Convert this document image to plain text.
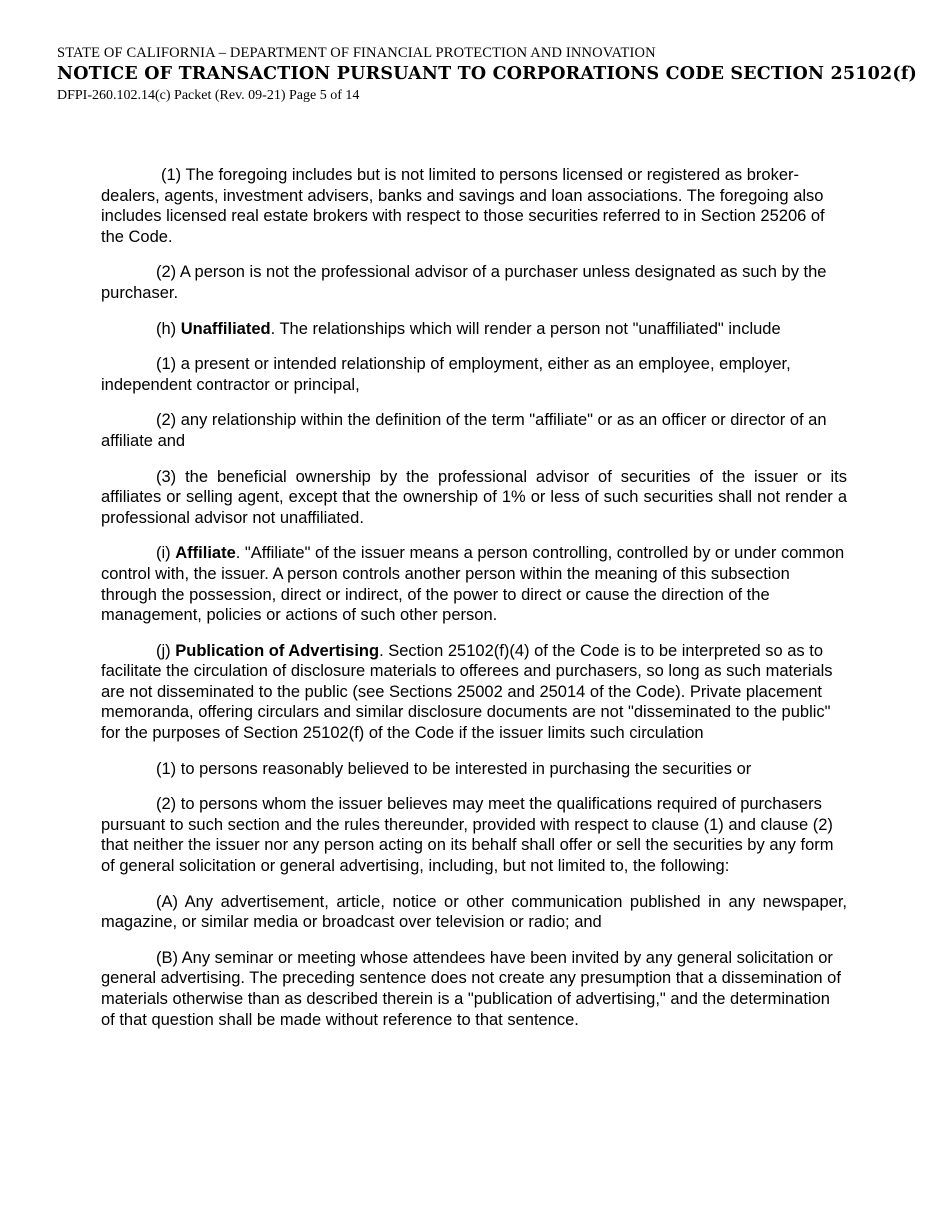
STATE OF CALIFORNIA – DEPARTMENT OF FINANCIAL PROTECTION AND INNOVATION
NOTICE OF TRANSACTION PURSUANT TO CORPORATIONS CODE SECTION 25102(f)
DFPI-260.102.14(c) Packet (Rev. 09-21) Page 5 of 14

(1) The foregoing includes but is not limited to persons licensed or registered as broker- dealers, agents, investment advisers, banks and savings and loan associations. The foregoing also includes licensed real estate brokers with respect to those securities referred to in Section 25206 of the Code.

(2) A person is not the professional advisor of a purchaser unless designated as such by the purchaser.

(h) Unaffiliated. The relationships which will render a person not "unaffiliated" include

(1) a present or intended relationship of employment, either as an employee, employer, independent contractor or principal,

(2) any relationship within the definition of the term "affiliate" or as an officer or director of an affiliate and

(3) the beneficial ownership by the professional advisor of securities of the issuer or its affiliates or selling agent, except that the ownership of 1% or less of such securities shall not render a professional advisor not unaffiliated.

(i) Affiliate. "Affiliate" of the issuer means a person controlling, controlled by or under common control with, the issuer. A person controls another person within the meaning of this subsection through the possession, direct or indirect, of the power to direct or cause the direction of the management, policies or actions of such other person.

(j) Publication of Advertising. Section 25102(f)(4) of the Code is to be interpreted so as to facilitate the circulation of disclosure materials to offerees and purchasers, so long as such materials are not disseminated to the public (see Sections 25002 and 25014 of the Code). Private placement memoranda, offering circulars and similar disclosure documents are not "disseminated to the public" for the purposes of Section 25102(f) of the Code if the issuer limits such circulation

(1) to persons reasonably believed to be interested in purchasing the securities or

(2) to persons whom the issuer believes may meet the qualifications required of purchasers pursuant to such section and the rules thereunder, provided with respect to clause (1) and clause (2) that neither the issuer nor any person acting on its behalf shall offer or sell the securities by any form of general solicitation or general advertising, including, but not limited to, the following:

(A) Any advertisement, article, notice or other communication published in any newspaper, magazine, or similar media or broadcast over television or radio; and

(B) Any seminar or meeting whose attendees have been invited by any general solicitation or general advertising. The preceding sentence does not create any presumption that a dissemination of materials otherwise than as described therein is a "publication of advertising," and the determination of that question shall be made without reference to that sentence.
